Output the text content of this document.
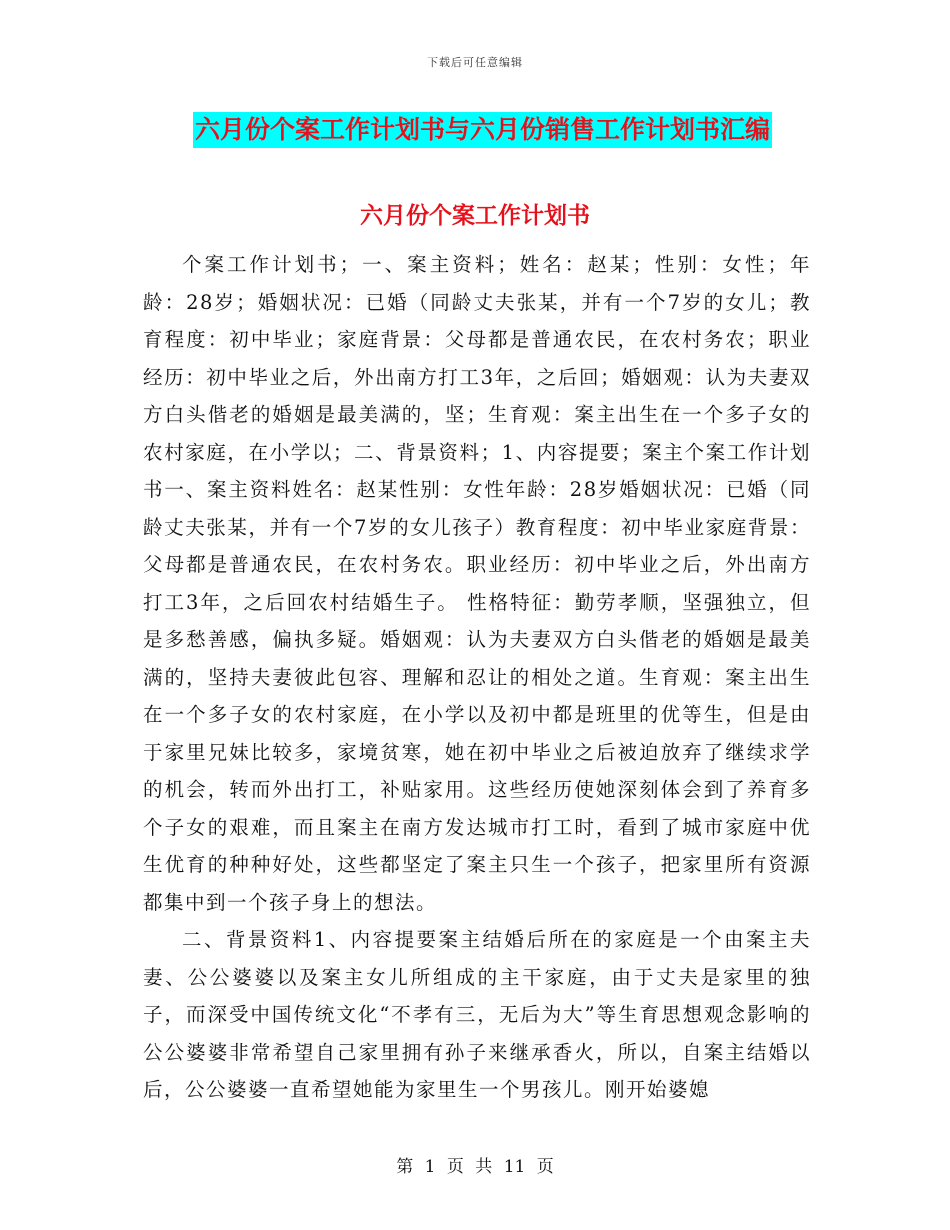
下载后可任意编辑
六月份个案工作计划书与六月份销售工作计划书汇编
六月份个案工作计划书

个案工作计划书；一、案主资料；姓名：赵某；性别：女性；年龄：28岁；婚姻状况：已婚（同龄丈夫张某，并有一个7岁的女儿；教育程度：初中毕业；家庭背景：父母都是普通农民，在农村务农；职业经历：初中毕业之后，外出南方打工3年，之后回；婚姻观：认为夫妻双方白头偕老的婚姻是最美满的，坚；生育观：案主出生在一个多子女的农村家庭，在小学以；二、背景资料；1、内容提要；案主个案工作计划书一、案主资料姓名：赵某性别：女性年龄：28岁婚姻状况：已婚（同龄丈夫张某，并有一个7岁的女儿孩子）教育程度：初中毕业家庭背景：父母都是普通农民，在农村务农。职业经历：初中毕业之后，外出南方打工3年，之后回农村结婚生子。 性格特征：勤劳孝顺，坚强独立，但是多愁善感，偏执多疑。婚姻观：认为夫妻双方白头偕老的婚姻是最美满的，坚持夫妻彼此包容、理解和忍让的相处之道。生育观：案主出生在一个多子女的农村家庭，在小学以及初中都是班里的优等生，但是由于家里兄妹比较多，家境贫寒，她在初中毕业之后被迫放弃了继续求学的机会，转而外出打工，补贴家用。这些经历使她深刻体会到了养育多个子女的艰难，而且案主在南方发达城市打工时，看到了城市家庭中优生优育的种种好处，这些都坚定了案主只生一个孩子，把家里所有资源都集中到一个孩子身上的想法。

二、背景资料1、内容提要案主结婚后所在的家庭是一个由案主夫妻、公公婆婆以及案主女儿所组成的主干家庭，由于丈夫是家里的独子，而深受中国传统文化“不孝有三，无后为大”等生育思想观念影响的公公婆婆非常希望自己家里拥有孙子来继承香火，所以，自案主结婚以后，公公婆婆一直希望她能为家里生一个男孩儿。刚开始婆媳

第 1 页 共 11 页
